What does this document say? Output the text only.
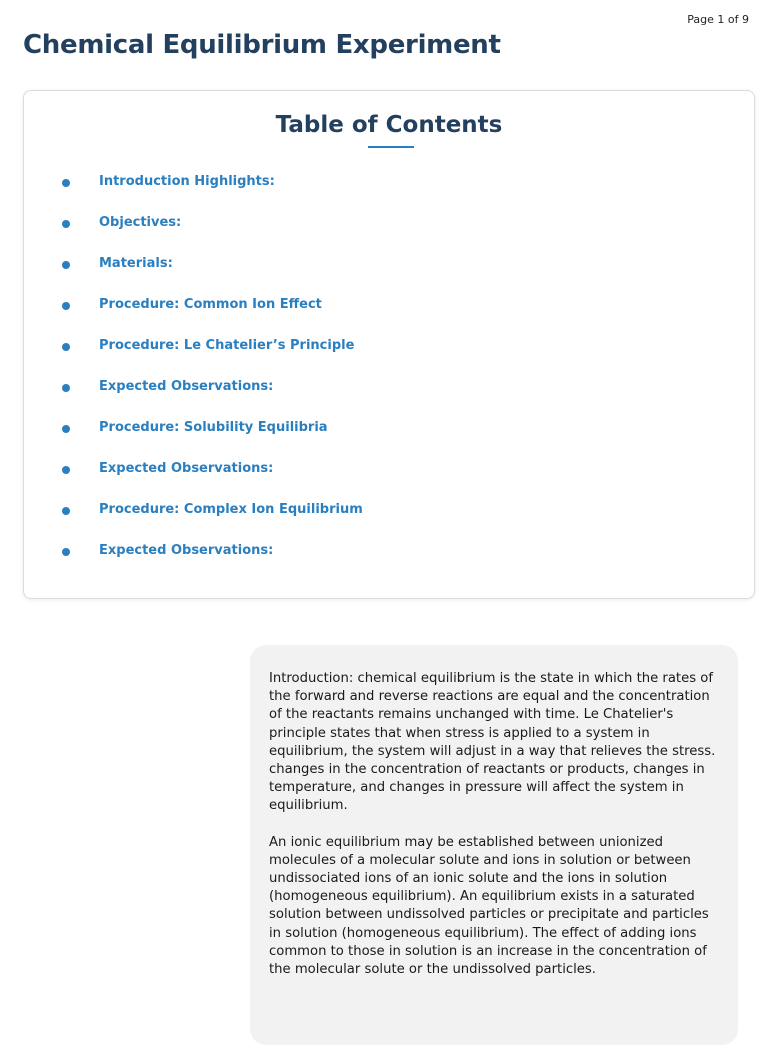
Page 1 of 9
Chemical Equilibrium Experiment
Table of Contents
Introduction Highlights:
Objectives:
Materials:
Procedure: Common Ion Effect
Procedure: Le Chatelier’s Principle
Expected Observations:
Procedure: Solubility Equilibria
Expected Observations:
Procedure: Complex Ion Equilibrium
Expected Observations:

Introduction: chemical equilibrium is the state in which the rates of the forward and reverse reactions are equal and the concentration of the reactants remains unchanged with time. Le Chatelier's principle states that when stress is applied to a system in equilibrium, the system will adjust in a way that relieves the stress. changes in the concentration of reactants or products, changes in temperature, and changes in pressure will affect the system in equilibrium.

An ionic equilibrium may be established between unionized molecules of a molecular solute and ions in solution or between undissociated ions of an ionic solute and the ions in solution (homogeneous equilibrium). An equilibrium exists in a saturated solution between undissolved particles or precipitate and particles in solution (homogeneous equilibrium). The effect of adding ions common to those in solution is an increase in the concentration of the molecular solute or the undissolved particles.
